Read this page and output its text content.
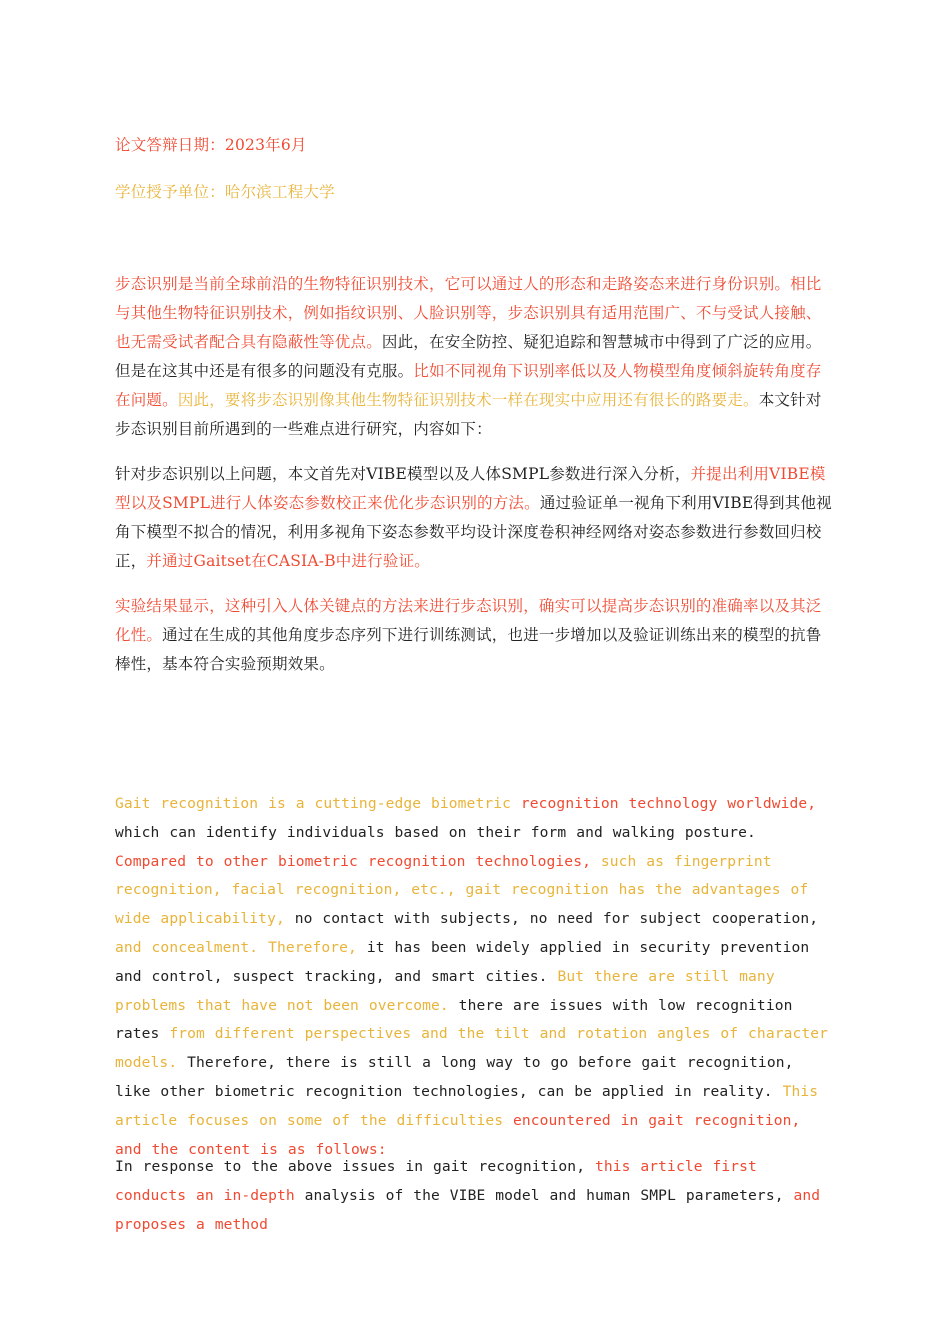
论文答辩日期：2023年6月
学位授予单位：哈尔滨工程大学

步态识别是当前全球前沿的生物特征识别技术，它可以通过人的形态和走路姿态来进行身份识别。相比与其他生物特征识别技术，例如指纹识别、人脸识别等，步态识别具有适用范围广、不与受试人接触、也无需受试者配合具有隐蔽性等优点。因此，在安全防控、疑犯追踪和智慧城市中得到了广泛的应用。但是在这其中还是有很多的问题没有克服。比如不同视角下识别率低以及人物模型角度倾斜旋转角度存在问题。因此，要将步态识别像其他生物特征识别技术一样在现实中应用还有很长的路要走。本文针对步态识别目前所遇到的一些难点进行研究，内容如下：

针对步态识别以上问题，本文首先对VIBE模型以及人体SMPL参数进行深入分析，并提出利用VIBE模型以及SMPL进行人体姿态参数校正来优化步态识别的方法。通过验证单一视角下利用VIBE得到其他视角下模型不拟合的情况，利用多视角下姿态参数平均设计深度卷积神经网络对姿态参数进行参数回归校正，并通过Gaitset在CASIA-B中进行验证。

实验结果显示，这种引入人体关键点的方法来进行步态识别，确实可以提高步态识别的准确率以及其泛化性。通过在生成的其他角度步态序列下进行训练测试，也进一步增加以及验证训练出来的模型的抗鲁棒性，基本符合实验预期效果。

Gait recognition is a cutting-edge biometric recognition technology worldwide, which can identify individuals based on their form and walking posture. Compared to other biometric recognition technologies, such as fingerprint recognition, facial recognition, etc., gait recognition has the advantages of wide applicability, no contact with subjects, no need for subject cooperation, and concealment. Therefore, it has been widely applied in security prevention and control, suspect tracking, and smart cities. But there are still many problems that have not been overcome. there are issues with low recognition rates from different perspectives and the tilt and rotation angles of character models. Therefore, there is still a long way to go before gait recognition, like other biometric recognition technologies, can be applied in reality. This article focuses on some of the difficulties encountered in gait recognition, and the content is as follows:

In response to the above issues in gait recognition, this article first conducts an in-depth analysis of the VIBE model and human SMPL parameters, and proposes a method
